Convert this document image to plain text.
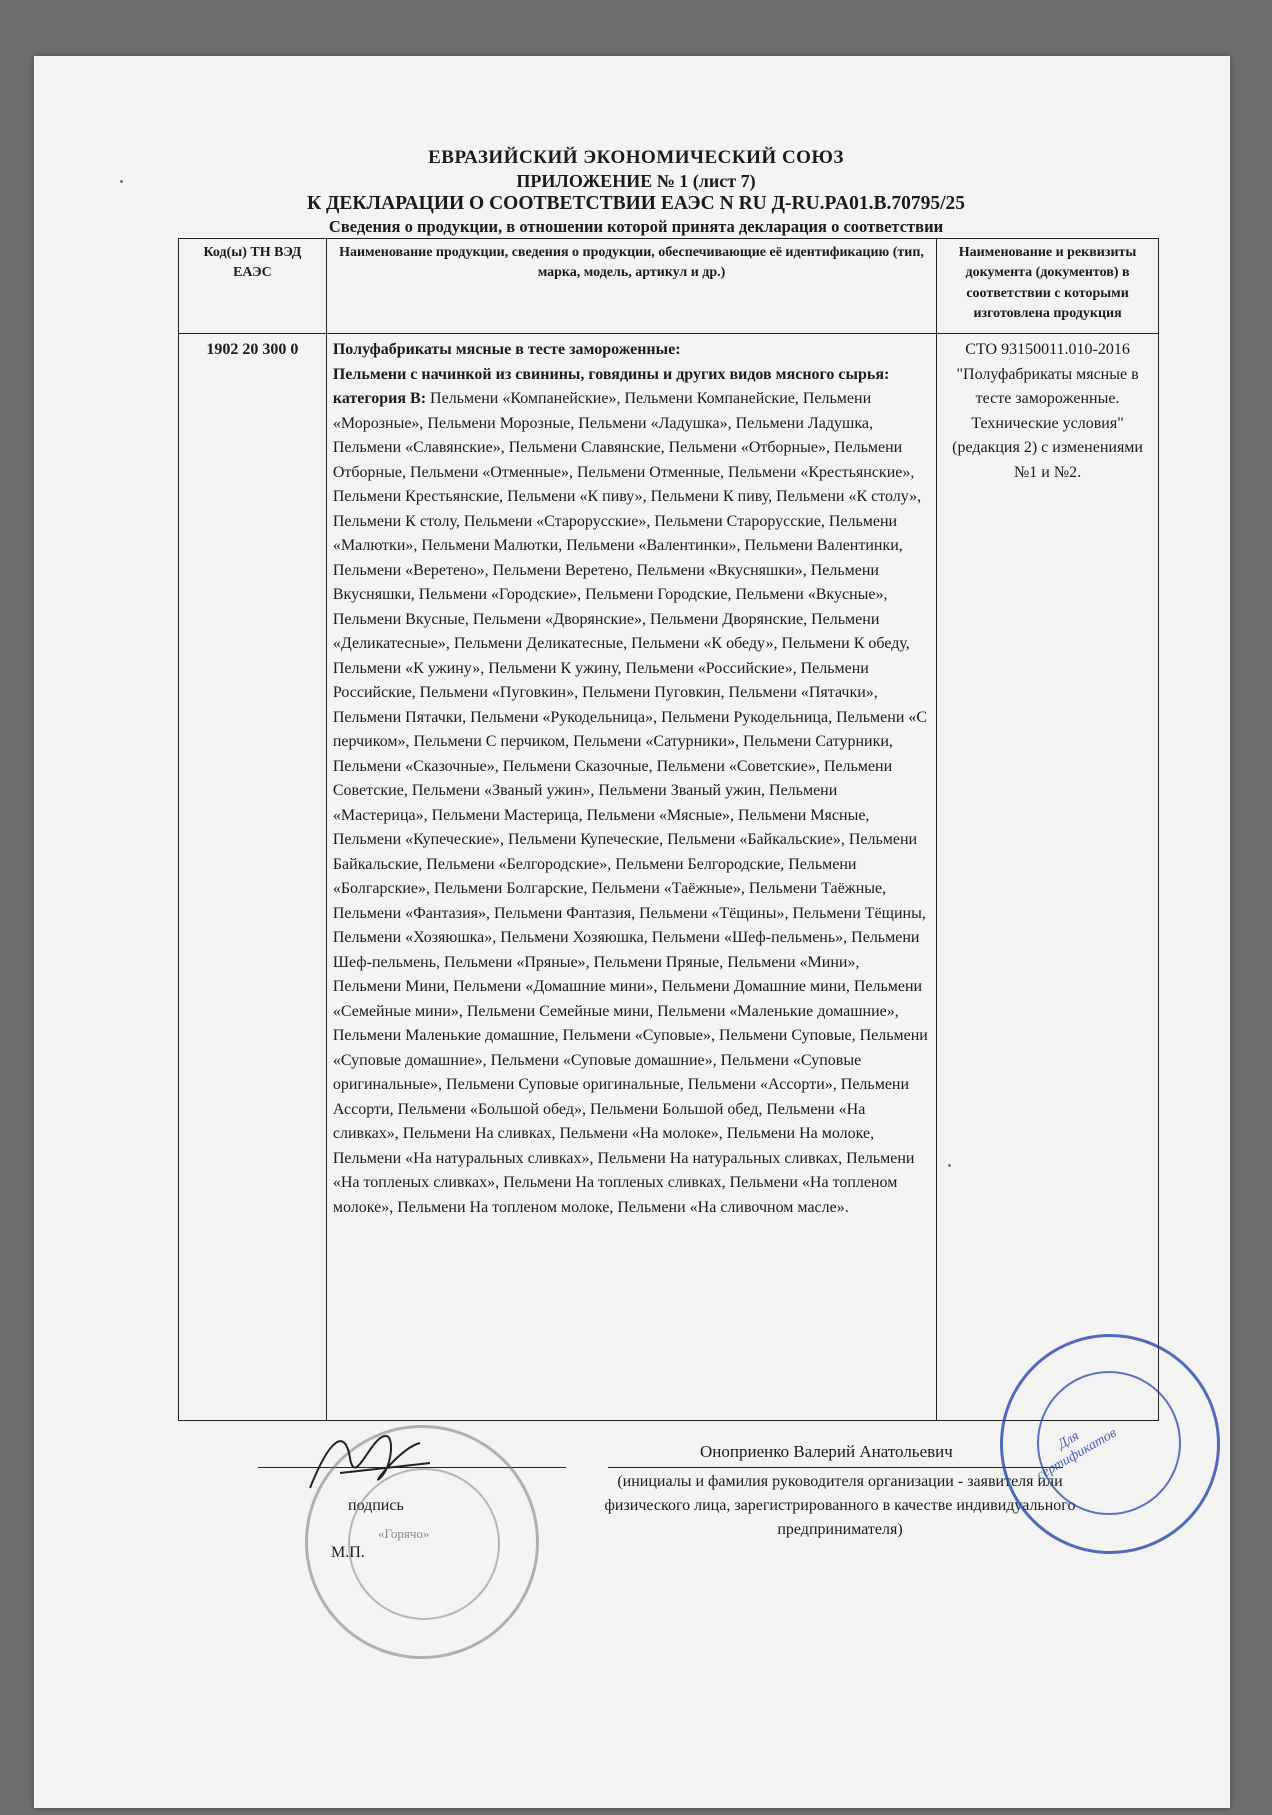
ЕВРАЗИЙСКИЙ ЭКОНОМИЧЕСКИЙ СОЮЗ
ПРИЛОЖЕНИЕ № 1 (лист 7)
К ДЕКЛАРАЦИИ О СООТВЕТСТВИИ ЕАЭС N RU Д-RU.PA01.B.70795/25
Сведения о продукции, в отношении которой принята декларация о соответствии
Код(ы) ТН ВЭД ЕАЭС	Наименование продукции, сведения о продукции, обеспечивающие её идентификацию (тип, марка, модель, артикул и др.)	Наименование и реквизиты документа (документов) в соответствии с которыми изготовлена продукция
1902 20 300 0	Полуфабрикаты мясные в тесте замороженные:
Пельмени с начинкой из свинины, говядины и других видов мясного сырья:
категория В: Пельмени «Компанейские», Пельмени Компанейские, Пельмени «Морозные», Пельмени Морозные, Пельмени «Ладушка», Пельмени Ладушка, Пельмени «Славянские», Пельмени Славянские, Пельмени «Отборные», Пельмени Отборные, Пельмени «Отменные», Пельмени Отменные, Пельмени «Крестьянские», Пельмени Крестьянские, Пельмени «К пиву», Пельмени К пиву, Пельмени «К столу», Пельмени К столу, Пельмени «Старорусские», Пельмени Старорусские, Пельмени «Малютки», Пельмени Малютки, Пельмени «Валентинки», Пельмени Валентинки, Пельмени «Веретено», Пельмени Веретено, Пельмени «Вкусняшки», Пельмени Вкусняшки, Пельмени «Городские», Пельмени Городские, Пельмени «Вкусные», Пельмени Вкусные, Пельмени «Дворянские», Пельмени Дворянские, Пельмени «Деликатесные», Пельмени Деликатесные, Пельмени «К обеду», Пельмени К обеду, Пельмени «К ужину», Пельмени К ужину, Пельмени «Российские», Пельмени Российские, Пельмени «Пуговкин», Пельмени Пуговкин, Пельмени «Пятачки», Пельмени Пятачки, Пельмени «Рукодельница», Пельмени Рукодельница, Пельмени «С перчиком», Пельмени С перчиком, Пельмени «Сатурники», Пельмени Сатурники, Пельмени «Сказочные», Пельмени Сказочные, Пельмени «Советские», Пельмени Советские, Пельмени «Званый ужин», Пельмени Званый ужин, Пельмени «Мастерица», Пельмени Мастерица, Пельмени «Мясные», Пельмени Мясные, Пельмени «Купеческие», Пельмени Купеческие, Пельмени «Байкальские», Пельмени Байкальские, Пельмени «Белгородские», Пельмени Белгородские, Пельмени «Болгарские», Пельмени Болгарские, Пельмени «Таёжные», Пельмени Таёжные, Пельмени «Фантазия», Пельмени Фантазия, Пельмени «Тёщины», Пельмени Тёщины, Пельмени «Хозяюшка», Пельмени Хозяюшка, Пельмени «Шеф-пельмень», Пельмени Шеф-пельмень, Пельмени «Пряные», Пельмени Пряные, Пельмени «Мини», Пельмени Мини, Пельмени «Домашние мини», Пельмени Домашние мини, Пельмени «Семейные мини», Пельмени Семейные мини, Пельмени «Маленькие домашние», Пельмени Маленькие домашние, Пельмени «Суповые», Пельмени Суповые, Пельмени «Суповые домашние», Пельмени «Суповые домашние», Пельмени «Суповые оригинальные», Пельмени Суповые оригинальные, Пельмени «Ассорти», Пельмени Ассорти, Пельмени «Большой обед», Пельмени Большой обед, Пельмени «На сливках», Пельмени На сливках, Пельмени «На молоке», Пельмени На молоке, Пельмени «На натуральных сливках», Пельмени На натуральных сливках, Пельмени «На топленых сливках», Пельмени На топленых сливках, Пельмени «На топленом молоке», Пельмени На топленом молоке, Пельмени «На сливочном масле».	СТО 93150011.010-2016 "Полуфабрикаты мясные в тесте замороженные. Технические условия" (редакция 2) с изменениями №1 и №2.
Оноприенко Валерий Анатольевич
подпись
М.П.
(инициалы и фамилия руководителя организации - заявителя или физического лица, зарегистрированного в качестве индивидуального предпринимателя)
«Горячо»
Для сертификатов
